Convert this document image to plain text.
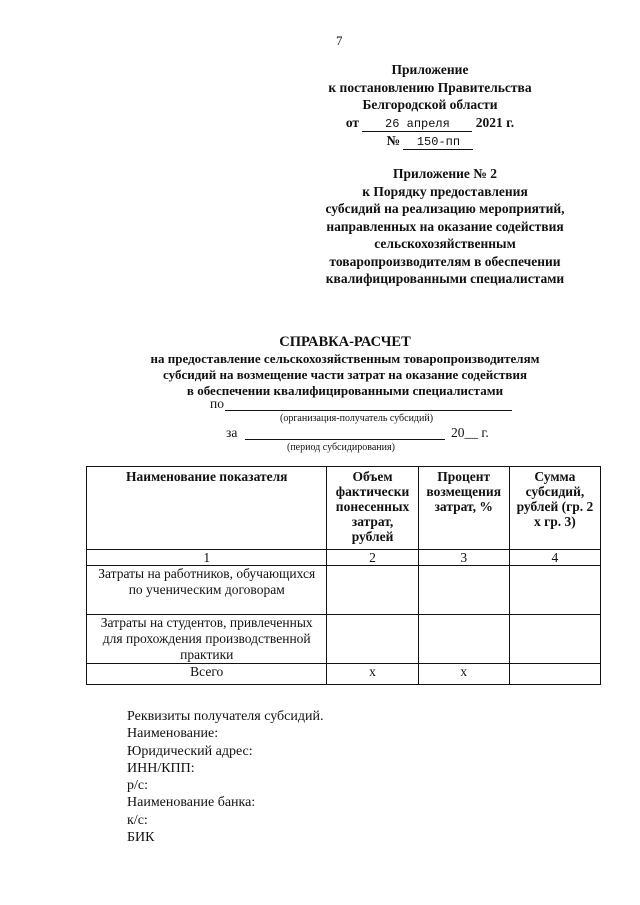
7
Приложение
к постановлению Правительства
Белгородской области
от 26 апреля 2021 г.
№ 150-пп
Приложение № 2
к Порядку предоставления
субсидий на реализацию мероприятий,
направленных на оказание содействия
сельскохозяйственным
товаропроизводителям в обеспечении
квалифицированными специалистами
СПРАВКА-РАСЧЕТ
на предоставление сельскохозяйственным товаропроизводителям
субсидий на возмещение части затрат на оказание содействия
в обеспечении квалифицированными специалистами
по
(организация-получатель субсидий)
за	20__ г.
(период субсидирования)
Наименование показателя	Объем фактически понесенных затрат, рублей	Процент возмещения затрат, %	Сумма субсидий, рублей (гр. 2 х гр. 3)
1	2	3	4
Затраты на работников, обучающихся по ученическим договорам			
Затраты на студентов, привлеченных для прохождения производственной практики			
Всего	х	х	
Реквизиты получателя субсидий.
Наименование:
Юридический адрес:
ИНН/КПП:
р/с:
Наименование банка:
к/с:
БИК
